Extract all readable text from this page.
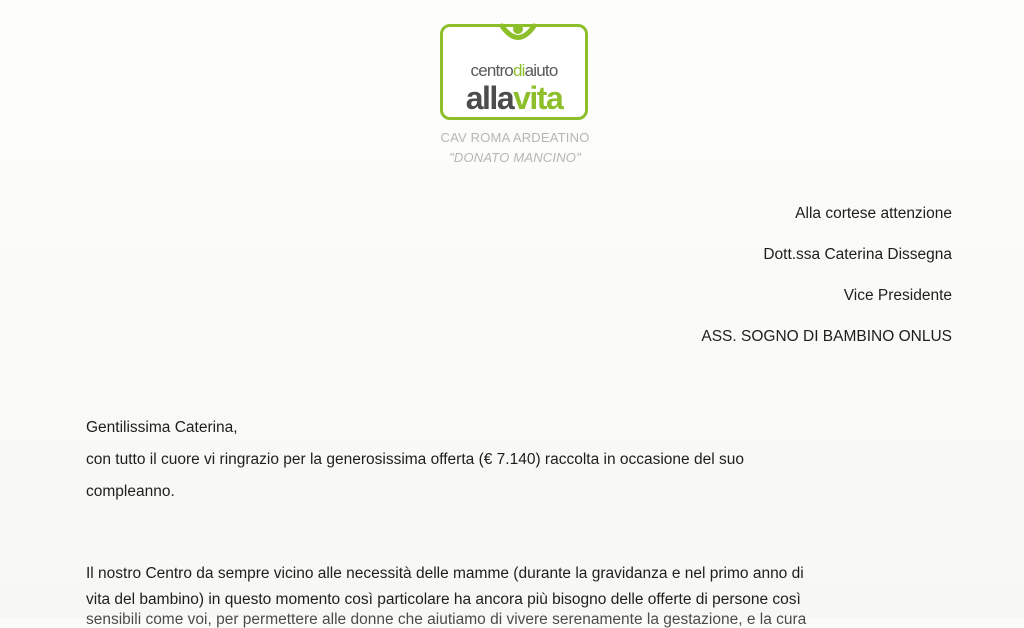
centrodiaiuto
allavita
CAV ROMA ARDEATINO
"DONATO MANCINO"
Alla cortese attenzione
Dott.ssa Caterina Dissegna
Vice Presidente
ASS. SOGNO DI BAMBINO ONLUS
Gentilissima Caterina,
con tutto il cuore vi ringrazio per la generosissima offerta (€ 7.140) raccolta in occasione del suo
compleanno.
Il nostro Centro da sempre vicino alle necessità delle mamme (durante la gravidanza e nel primo anno di
vita del bambino) in questo momento così particolare ha ancora più bisogno delle offerte di persone così
sensibili come voi, per permettere alle donne che aiutiamo di vivere serenamente la gestazione, e la cura
